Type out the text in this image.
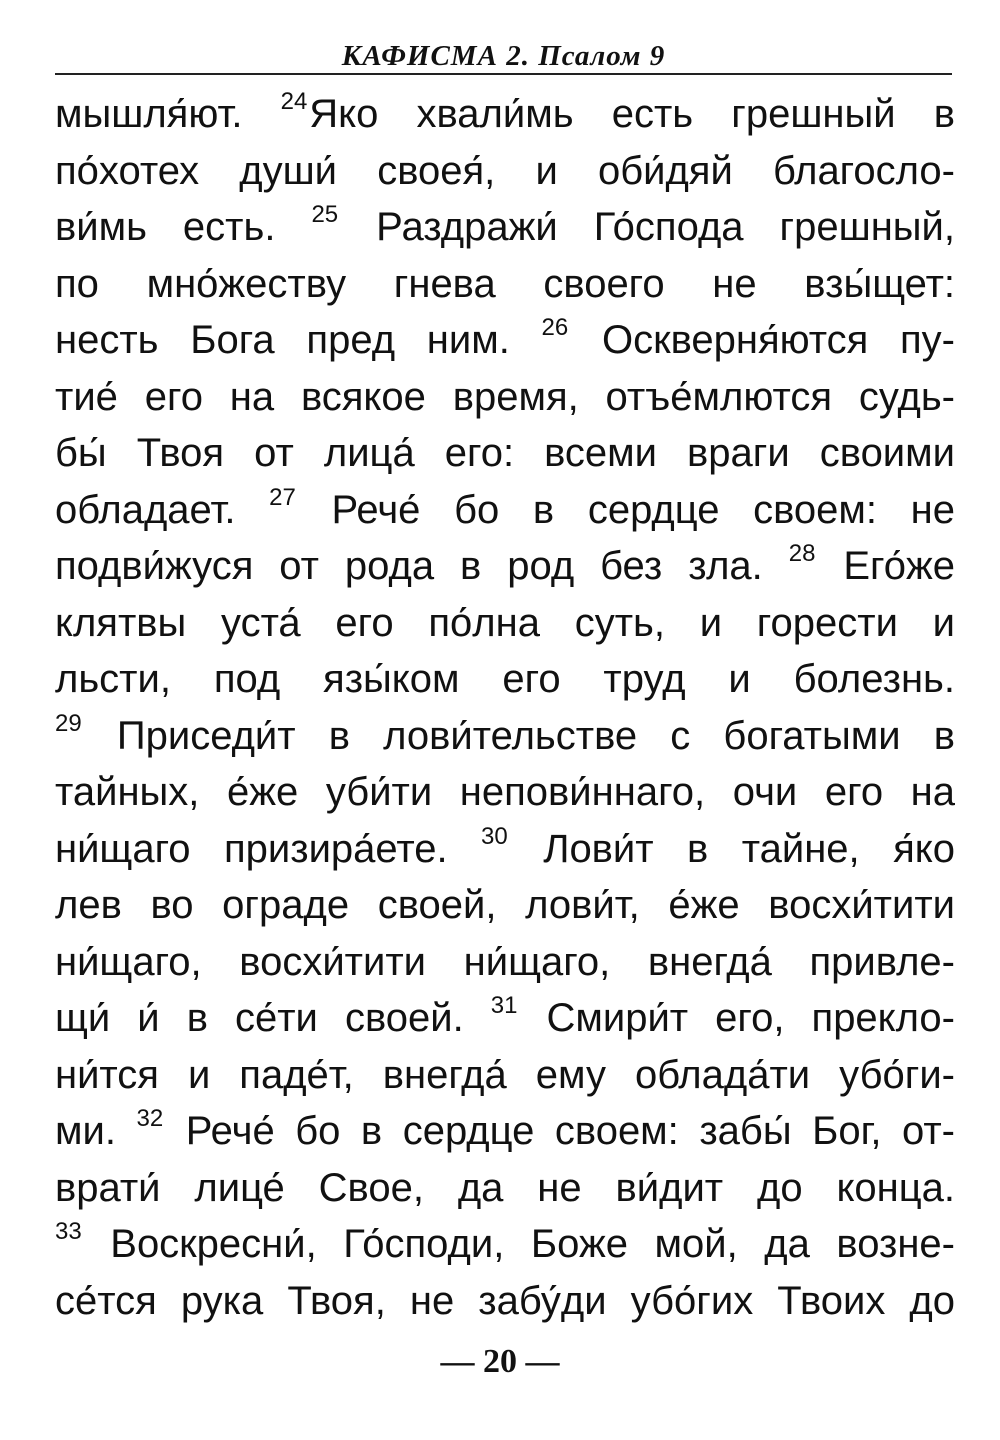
КАФИСМА 2. Псалом 9
мышля́ют. $^{24}$Яко хвали́мь есть грешный в
по́хотех души́ своея́, и оби́дяй благосло-
ви́мь есть. $^{25}$ Раздражи́ Го́спода грешный,
по мно́жеству гнева своего не взы́щет:
несть Бога пред ним. $^{26}$ Оскверня́ются пу-
тие́ его на всякое время, отъе́млются судь-
бы́ Твоя от лица́ его: всеми враги своими
обладает. $^{27}$ Рече́ бо в сердце своем: не
подви́жуся от рода в род без зла. $^{28}$ Его́же
клятвы уста́ его по́лна суть, и горести и
льсти, под язы́ком его труд и болезнь.
$^{29}$ Приседи́т в лови́тельстве с богатыми в
тайных, е́же уби́ти непови́ннаго, очи его на
ни́щаго призира́ете. $^{30}$ Лови́т в тайне, я́ко
лев во ограде своей, лови́т, е́же восхи́тити
ни́щаго, восхи́тити ни́щаго, внегда́ привле-
щи́ и́ в се́ти своей. $^{31}$ Смири́т его, прекло-
ни́тся и паде́т, внегда́ ему облада́ти убо́ги-
ми. $^{32}$ Рече́ бо в сердце своем: забы́ Бог, от-
врати́ лице́ Свое, да не ви́дит до конца.
$^{33}$ Воскресни́, Го́споди, Боже мой, да возне-
се́тся рука Твоя, не забу́ди убо́гих Твоих до
— 20 —
